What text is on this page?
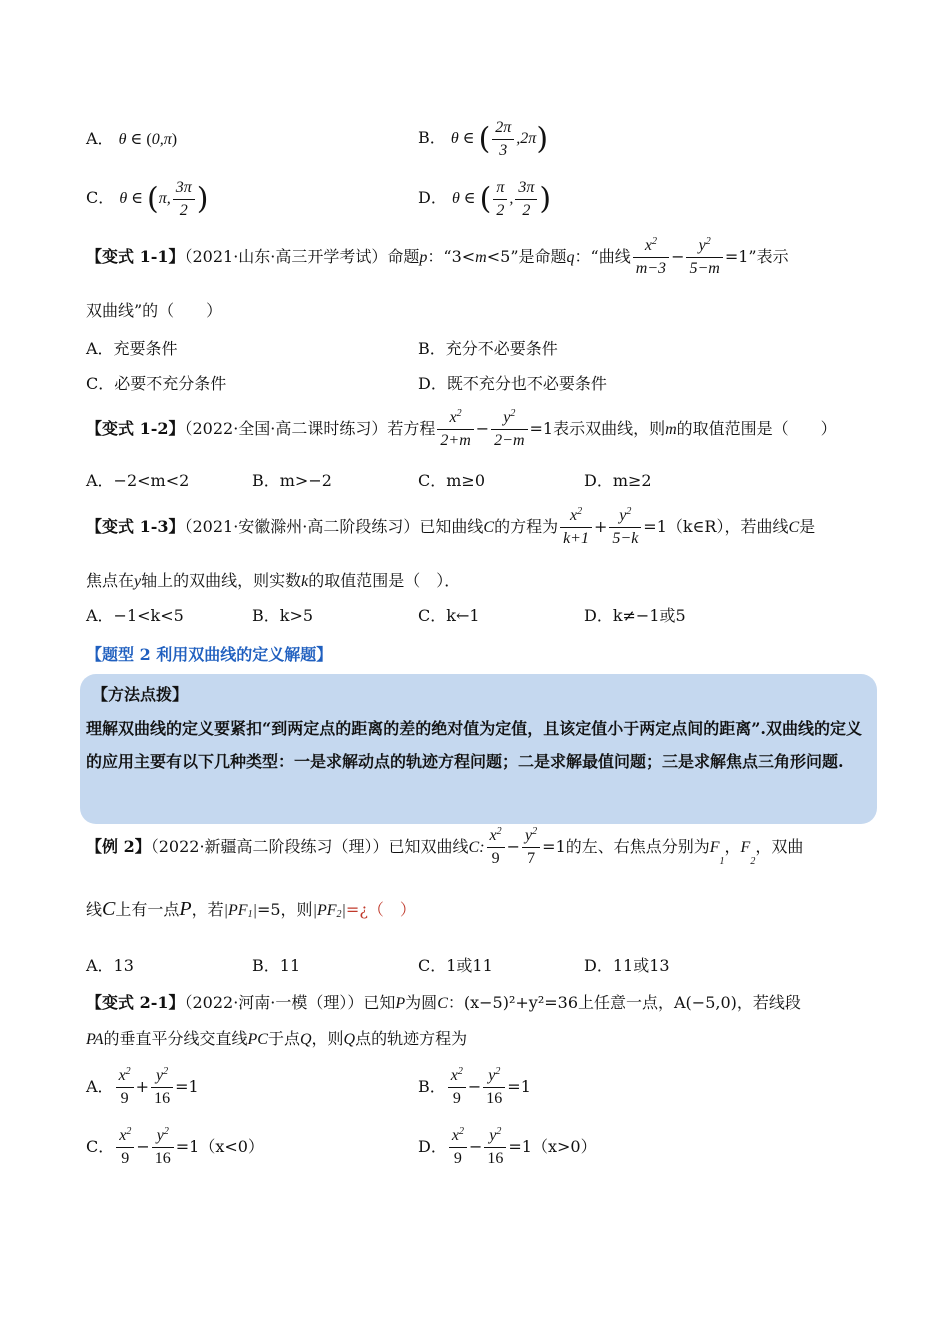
A． θ ∈ (0,π)	B． θ ∈ ( $\frac{2\pi}{3} ,2\pi$)
C． θ ∈ (π, $\frac{3\pi}{2}$ )	D． θ ∈ ( $\frac{\pi}{2}$ , $\frac{3\pi}{2}$ )
【变式 1-1】（2021·山东·高三开学考试）命题p：“3<m<5”是命题q：“曲线 $\frac{x^2}{m-3} - \frac{y^2}{5-m} =1$”表示
双曲线”的（　　）
A．充要条件	B．充分不必要条件
C．必要不充分条件	D．既不充分也不必要条件
【变式 1-2】（2022·全国·高二课时练习）若方程 $\frac{x^2}{2+m} - \frac{y^2}{2-m} =1$表示双曲线，则m的取值范围是（　　）
A．−2<m<2	B．m>−2	C．m≥0	D．m≥2
【变式 1-3】（2021·安徽滁州·高二阶段练习）已知曲线C的方程为 $\frac{x^2}{k+1} + \frac{y^2}{5-k}$ =1（k∈R），若曲线C是
焦点在y轴上的双曲线，则实数k的取值范围是（　）．
A．−1<k<5	B．k>5	C．k←1	D．k≠−1或5
【题型 2 利用双曲线的定义解题】
【方法点拨】
理解双曲线的定义要紧扣“到两定点的距离的差的绝对值为定值，且该定值小于两定点间的距离”.双曲线的定义的应用主要有以下几种类型：一是求解动点的轨迹方程问题；二是求解最值问题；三是求解焦点三角形问题.
【例 2】（2022·新疆高二阶段练习（理））已知双曲线C: $\frac{x^2}{9} - \frac{y^2}{7} =1$的左、右焦点分别为$F_1$，$F_2$，双曲
线C上有一点P，若$|PF_1|=5$，则$|PF_2|=¿$（　）
A．13	B．11	C．1或11	D．11或13
【变式 2-1】（2022·河南·一模（理））已知P为圆C：(x−5)²+y²=36上任意一点，A(−5,0)，若线段
PA的垂直平分线交直线PC于点Q，则Q点的轨迹方程为
A． $\frac{x^2}{9} + \frac{y^2}{16} =1$	B． $\frac{x^2}{9} - \frac{y^2}{16} =1$
C． $\frac{x^2}{9} - \frac{y^2}{16} =1(x<0)$	D． $\frac{x^2}{9} - \frac{y^2}{16} =1(x>0)$
